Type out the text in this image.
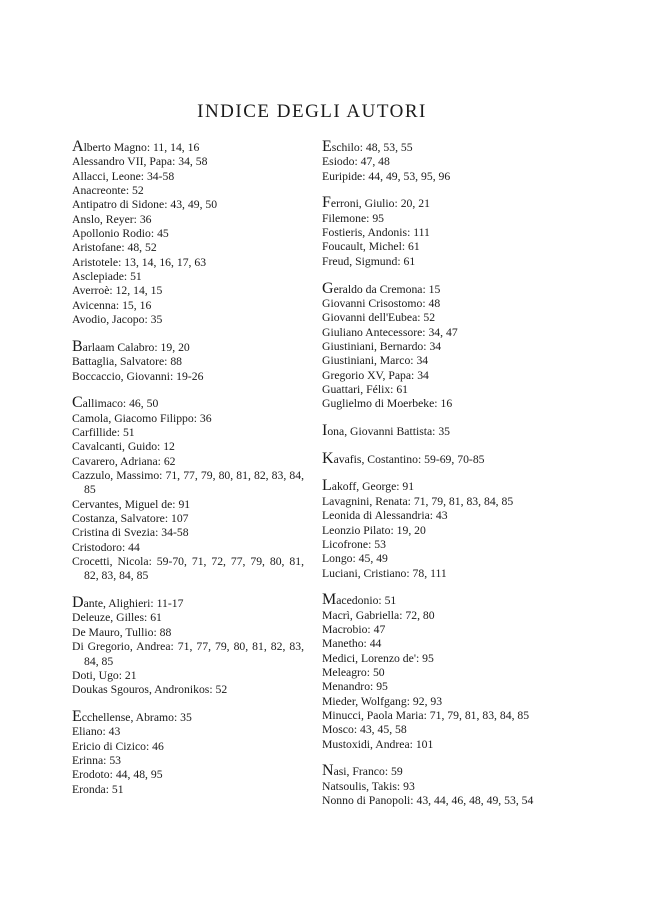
INDICE DEGLI AUTORI
Alberto Magno: 11, 14, 16
Alessandro VII, Papa: 34, 58
Allacci, Leone: 34-58
Anacreonte: 52
Antipatro di Sidone: 43, 49, 50
Anslo, Reyer: 36
Apollonio Rodio: 45
Aristofane: 48, 52
Aristotele: 13, 14, 16, 17, 63
Asclepiade: 51
Averroè: 12, 14, 15
Avicenna: 15, 16
Avodio, Jacopo: 35
Barlaam Calabro: 19, 20
Battaglia, Salvatore: 88
Boccaccio, Giovanni: 19-26
Callimaco: 46, 50
Camola, Giacomo Filippo: 36
Carfillide: 51
Cavalcanti, Guido: 12
Cavarero, Adriana: 62
Cazzulo, Massimo: 71, 77, 79, 80, 81, 82, 83, 84, 85
Cervantes, Miguel de: 91
Costanza, Salvatore: 107
Cristina di Svezia: 34-58
Cristodoro: 44
Crocetti, Nicola: 59-70, 71, 72, 77, 79, 80, 81, 82, 83, 84, 85
Dante, Alighieri: 11-17
Deleuze, Gilles: 61
De Mauro, Tullio: 88
Di Gregorio, Andrea: 71, 77, 79, 80, 81, 82, 83, 84, 85
Doti, Ugo: 21
Doukas Sgouros, Andronikos: 52
Ecchellense, Abramo: 35
Eliano: 43
Ericio di Cizico: 46
Erinna: 53
Erodoto: 44, 48, 95
Eronda: 51
Eschilo: 48, 53, 55
Esiodo: 47, 48
Euripide: 44, 49, 53, 95, 96
Ferroni, Giulio: 20, 21
Filemone: 95
Fostieris, Andonis: 111
Foucault, Michel: 61
Freud, Sigmund: 61
Geraldo da Cremona: 15
Giovanni Crisostomo: 48
Giovanni dell'Eubea: 52
Giuliano Antecessore: 34, 47
Giustiniani, Bernardo: 34
Giustiniani, Marco: 34
Gregorio XV, Papa: 34
Guattari, Félix: 61
Guglielmo di Moerbeke: 16
Iona, Giovanni Battista: 35
Kavafis, Costantino: 59-69, 70-85
Lakoff, George: 91
Lavagnini, Renata: 71, 79, 81, 83, 84, 85
Leonida di Alessandria: 43
Leonzio Pilato: 19, 20
Licofrone: 53
Longo: 45, 49
Luciani, Cristiano: 78, 111
Macedonio: 51
Macrì, Gabriella: 72, 80
Macrobio: 47
Manetho: 44
Medici, Lorenzo de': 95
Meleagro: 50
Menandro: 95
Mieder, Wolfgang: 92, 93
Minucci, Paola Maria: 71, 79, 81, 83, 84, 85
Mosco: 43, 45, 58
Mustoxidi, Andrea: 101
Nasi, Franco: 59
Natsoulis, Takis: 93
Nonno di Panopoli: 43, 44, 46, 48, 49, 53, 54
